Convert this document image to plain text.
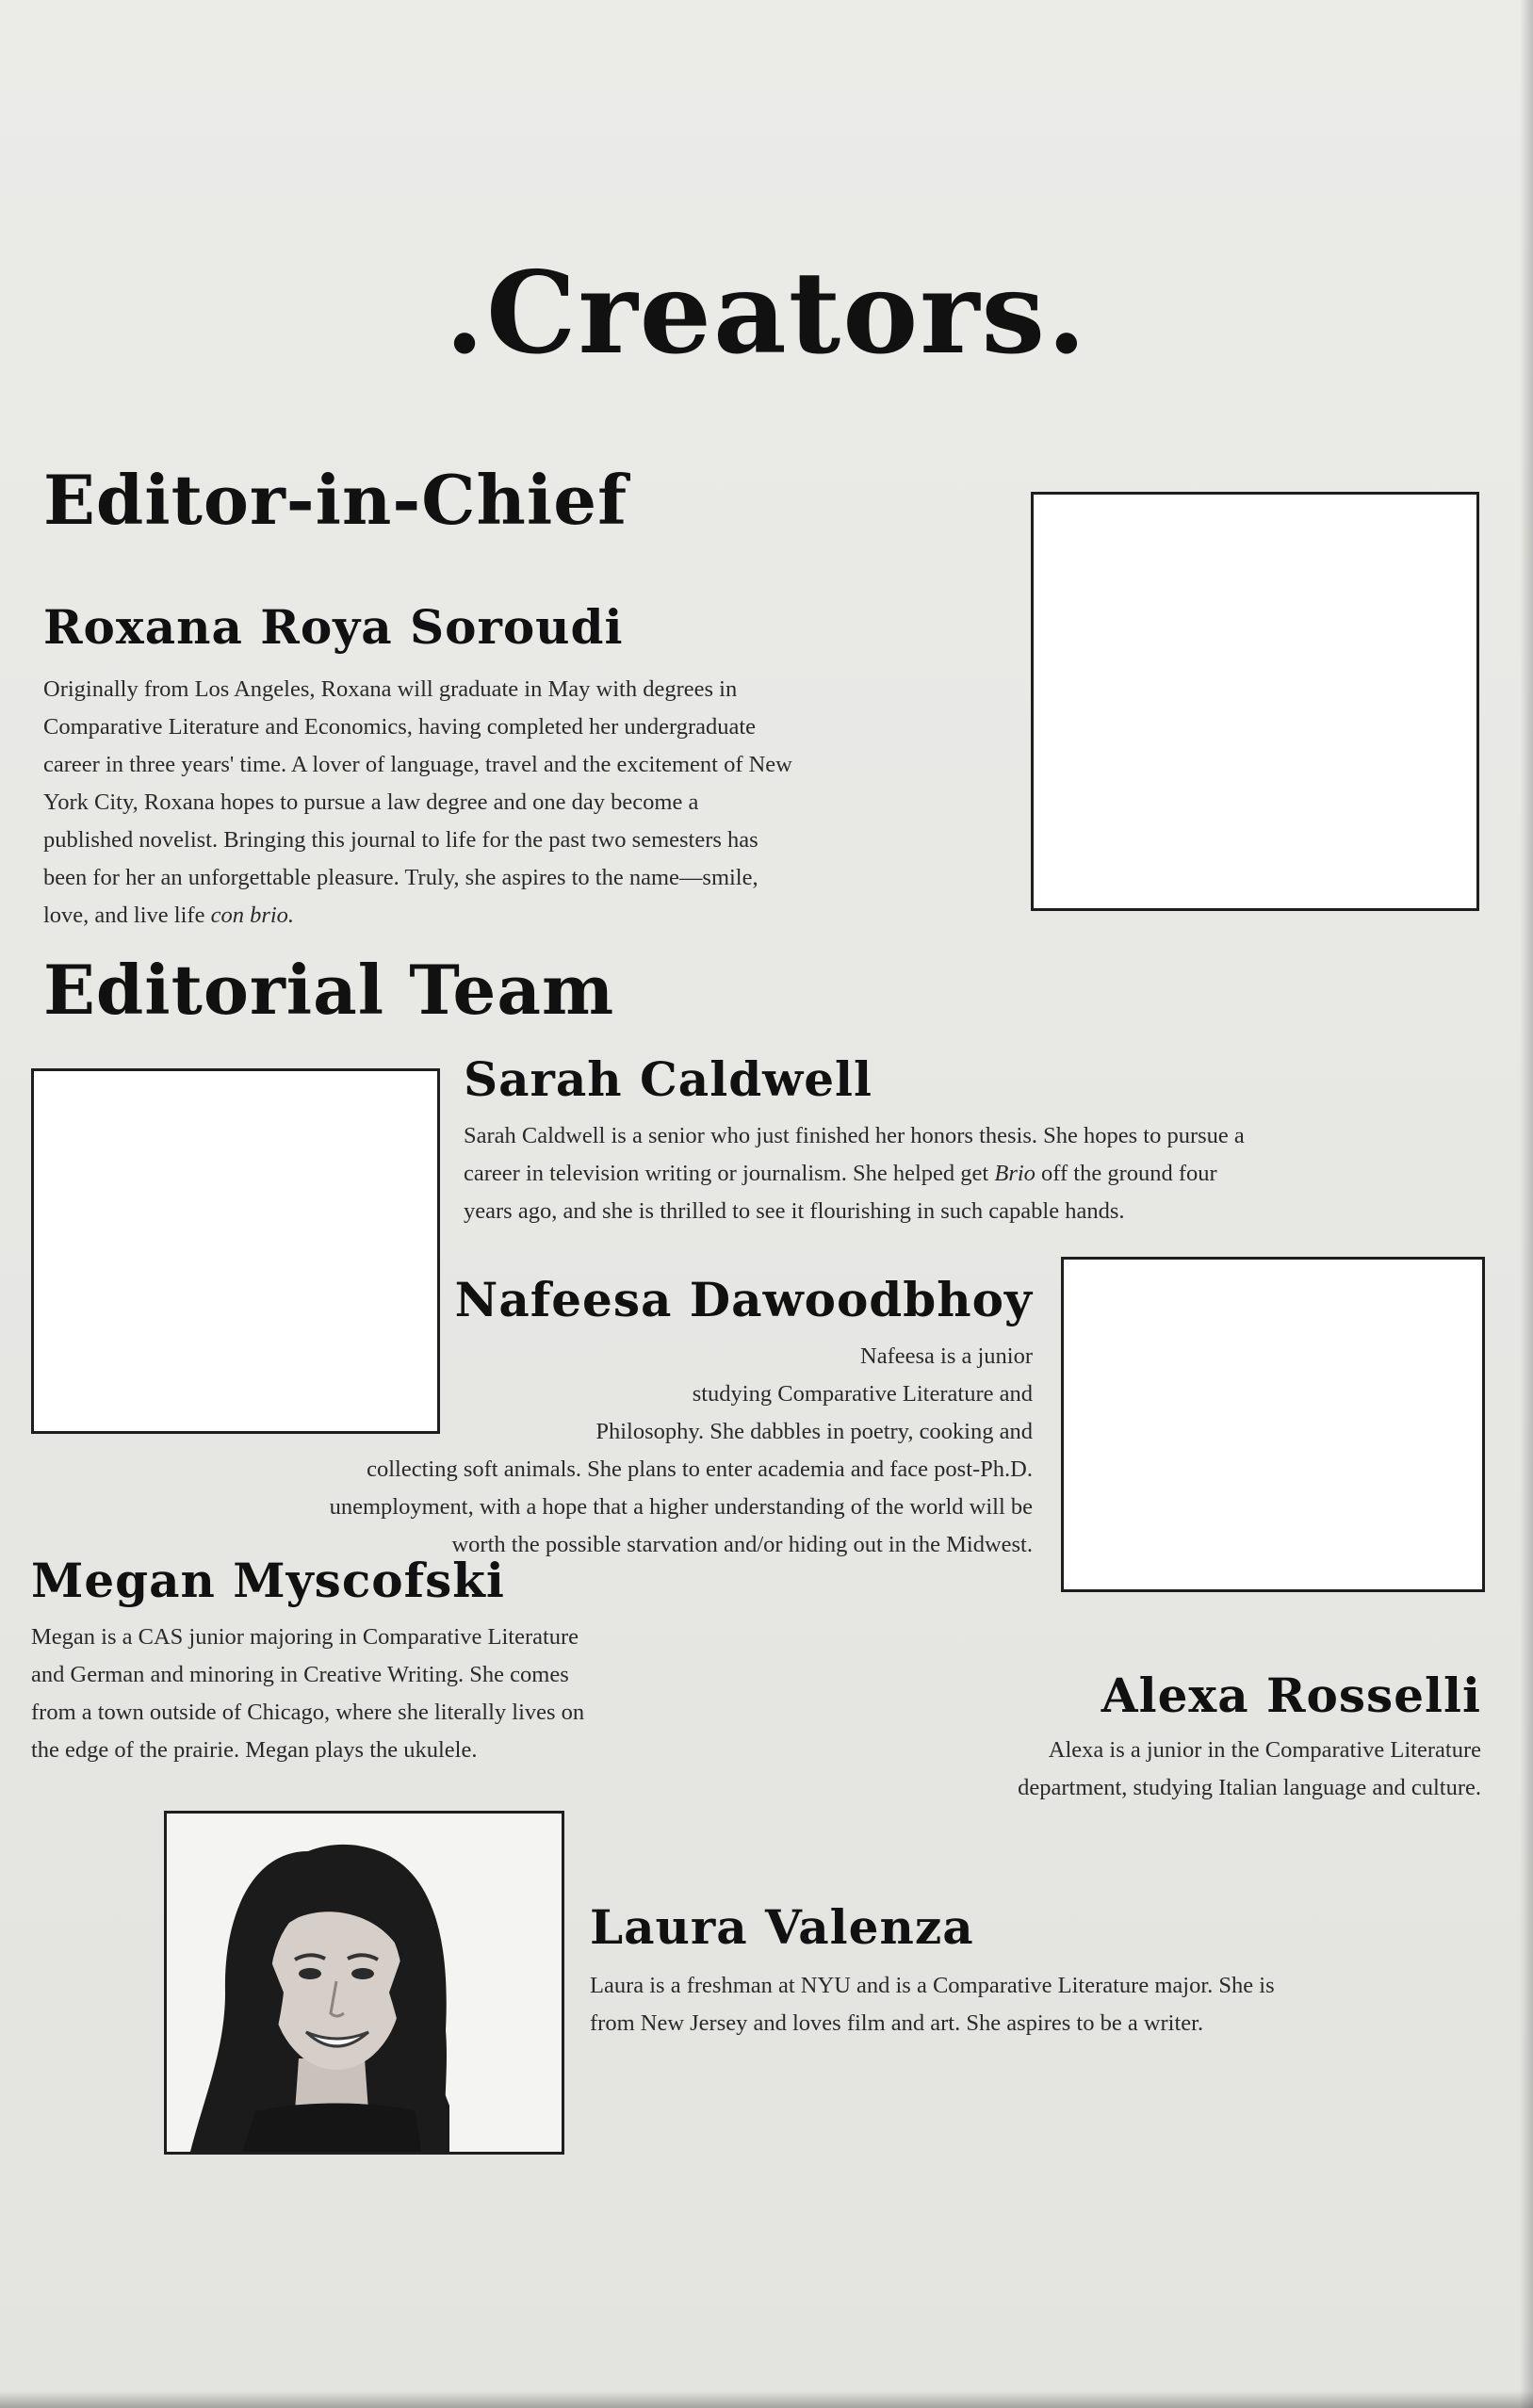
.Creators.
Editor-in-Chief
Roxana Roya Soroudi
Originally from Los Angeles, Roxana will graduate in May with degrees in
Comparative Literature and Economics, having completed her undergraduate
career in three years' time. A lover of language, travel and the excitement of New
York City, Roxana hopes to pursue a law degree and one day become a
published novelist. Bringing this journal to life for the past two semesters has
been for her an unforgettable pleasure. Truly, she aspires to the name—smile,
love, and live life con brio.
Editorial Team
Sarah Caldwell
Sarah Caldwell is a senior who just finished her honors thesis. She hopes to pursue a
career in television writing or journalism. She helped get Brio off the ground four
years ago, and she is thrilled to see it flourishing in such capable hands.
Nafeesa Dawoodbhoy
Nafeesa is a junior
studying Comparative Literature and
Philosophy. She dabbles in poetry, cooking and
collecting soft animals. She plans to enter academia and face post-Ph.D.
unemployment, with a hope that a higher understanding of the world will be
worth the possible starvation and/or hiding out in the Midwest.
Megan Myscofski
Megan is a CAS junior majoring in Comparative Literature
and German and minoring in Creative Writing. She comes
from a town outside of Chicago, where she literally lives on
the edge of the prairie. Megan plays the ukulele.
Alexa Rosselli
Alexa is a junior in the Comparative Literature
department, studying Italian language and culture.
Laura Valenza
Laura is a freshman at NYU and is a Comparative Literature major. She is
from New Jersey and loves film and art. She aspires to be a writer.
